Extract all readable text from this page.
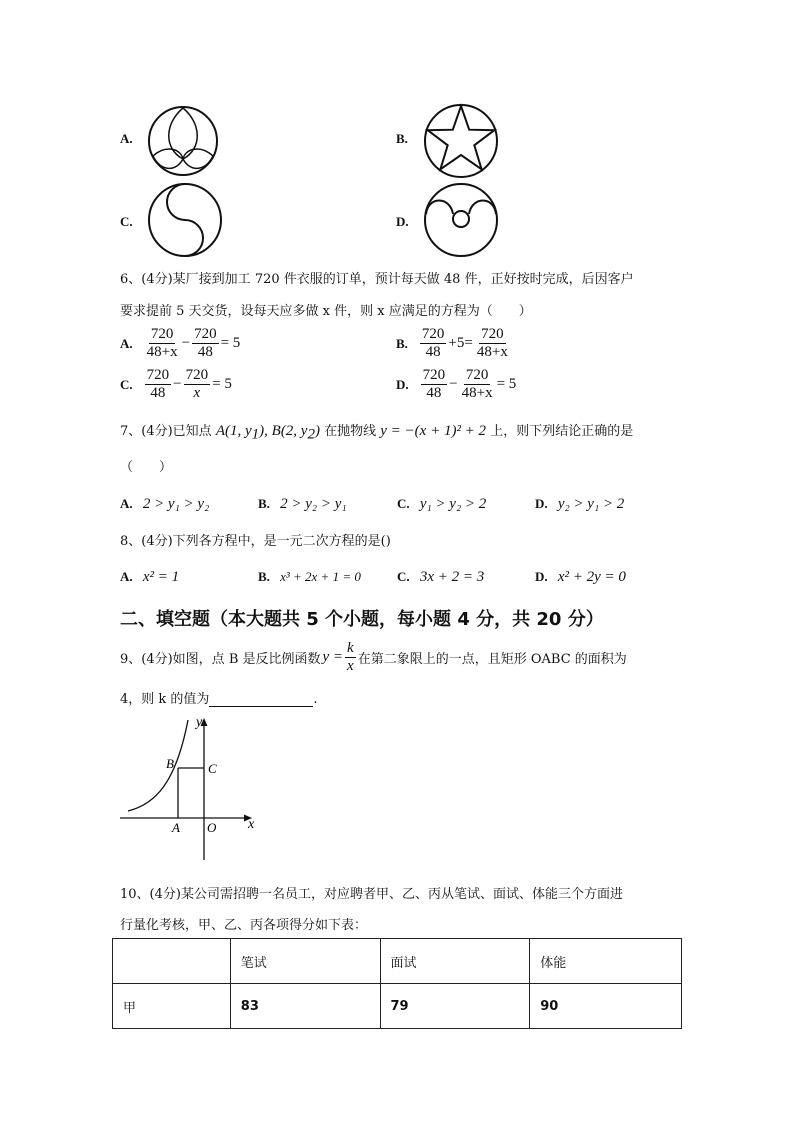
A.	B.
C.	D.
6、(4分)某厂接到加工 720 件衣服的订单，预计每天做 48 件，正好按时完成，后因客户
要求提前 5 天交货，设每天应多做 x 件，则 x 应满足的方程为（　　）
A. $\frac{720}{48+x} - \frac{720}{48} = 5$	B. $\frac{720}{48} + 5 = \frac{720}{48+x}$
C. $\frac{720}{48} - \frac{720}{x} = 5$	D. $\frac{720}{48} - \frac{720}{48+x} = 5$
7、(4分)已知点 A(1, $y_1$), B(2, $y_2$) 在抛物线 y = −(x + 1)² + 2 上，则下列结论正确的是
（　　）
A. 2 > y₁ > y₂	B. 2 > y₂ > y₁	C. y₁ > y₂ > 2	D. y₂ > y₁ > 2
8、(4分)下列各方程中，是一元二次方程的是()
A. x² = 1	B. x³ + 2x + 1 = 0	C. 3x + 2 = 3	D. x² + 2y = 0
二、填空题（本大题共 5 个小题，每小题 4 分，共 20 分）
9、(4分)如图，点 B 是反比例函数 $y = \frac{k}{x}$ 在第二象限上的一点，且矩形 OABC 的面积为
4，则 k 的值为	.
x
y
B	C
A O
10、(4分)某公司需招聘一名员工，对应聘者甲、乙、丙从笔试、面试、体能三个方面进
行量化考核，甲、乙、丙各项得分如下表：
	笔试	面试	体能
甲	83	79	90
